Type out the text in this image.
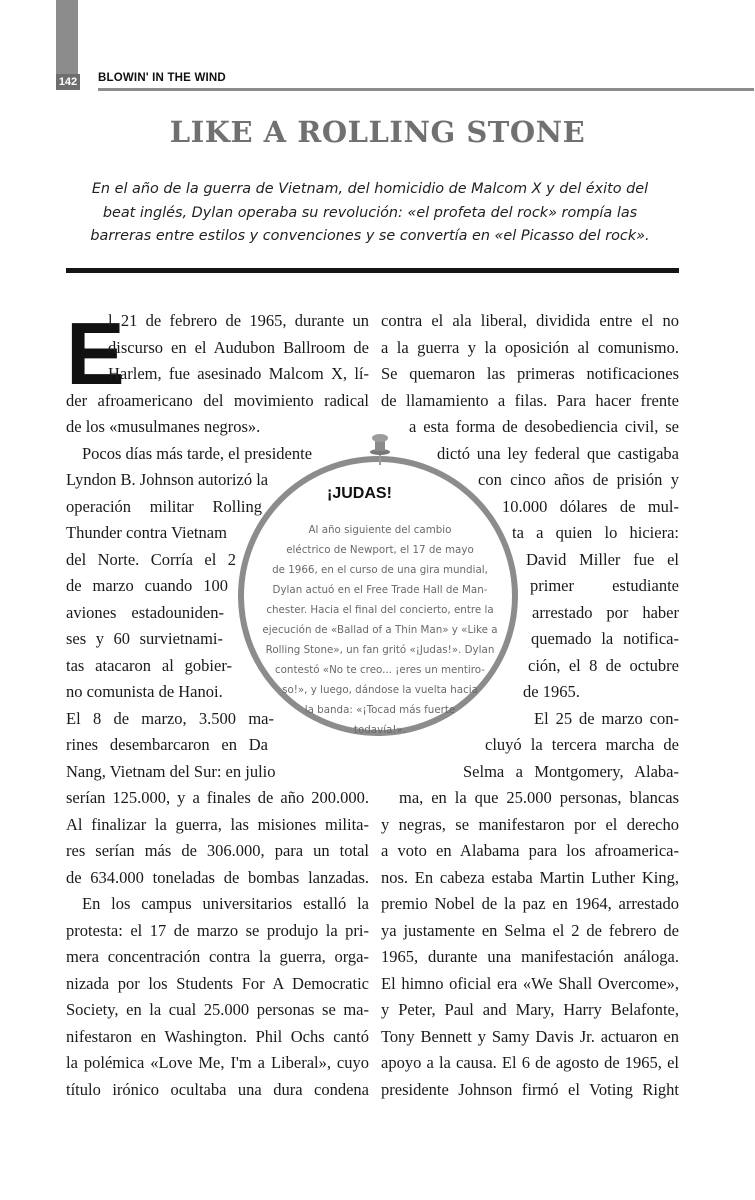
142 BLOWIN' IN THE WIND
LIKE A ROLLING STONE
En el año de la guerra de Vietnam, del homicidio de Malcom X y del éxito del
beat inglés, Dylan operaba su revolución: «el profeta del rock» rompía las
barreras entre estilos y convenciones y se convertía en «el Picasso del rock».
E
l 21 de febrero de 1965, durante un
discurso en el Audubon Ballroom de
Harlem, fue asesinado Malcom X, lí-
der afroamericano del movimiento radical
de los «musulmanes negros».
Pocos días más tarde, el presidente
Lyndon B. Johnson autorizó la
operación militar Rolling
Thunder contra Vietnam
del Norte. Corría el 2
de marzo cuando 100
aviones estadouniden-
ses y 60 survietnami-
tas atacaron al gobier-
no comunista de Hanoi.
El 8 de marzo, 3.500 ma-
rines desembarcaron en Da
Nang, Vietnam del Sur: en julio
serían 125.000, y a finales de año 200.000.
Al finalizar la guerra, las misiones milita-
res serían más de 306.000, para un total
de 634.000 toneladas de bombas lanzadas.
En los campus universitarios estalló la
protesta: el 17 de marzo se produjo la pri-
mera concentración contra la guerra, orga-
nizada por los Students For A Democratic
Society, en la cual 25.000 personas se ma-
nifestaron en Washington. Phil Ochs cantó
la polémica «Love Me, I'm a Liberal», cuyo
título irónico ocultaba una dura condena
contra el ala liberal, dividida entre el no
a la guerra y la oposición al comunismo.
Se quemaron las primeras notificaciones
de llamamiento a filas. Para hacer frente
a esta forma de desobediencia civil, se
dictó una ley federal que castigaba
con cinco años de prisión y
10.000 dólares de mul-
ta a quien lo hiciera:
David Miller fue el
primer estudiante
arrestado por haber
quemado la notifica-
ción, el 8 de octubre
de 1965.
El 25 de marzo con-
cluyó la tercera marcha de
Selma a Montgomery, Alaba-
ma, en la que 25.000 personas, blancas
y negras, se manifestaron por el derecho
a voto en Alabama para los afroamerica-
nos. En cabeza estaba Martin Luther King,
premio Nobel de la paz en 1964, arrestado
ya justamente en Selma el 2 de febrero de
1965, durante una manifestación análoga.
El himno oficial era «We Shall Overcome»,
y Peter, Paul and Mary, Harry Belafonte,
Tony Bennett y Samy Davis Jr. actuaron en
apoyo a la causa. El 6 de agosto de 1965, el
presidente Johnson firmó el Voting Right
¡JUDAS!
Al año siguiente del cambio
eléctrico de Newport, el 17 de mayo
de 1966, en el curso de una gira mundial,
Dylan actuó en el Free Trade Hall de Man-
chester. Hacia el final del concierto, entre la
ejecución de «Ballad of a Thin Man» y «Like a
Rolling Stone», un fan gritó «¡Judas!». Dylan
contestó «No te creo... ¡eres un mentiro-
so!», y luego, dándose la vuelta hacia
la banda: «¡Tocad más fuerte
todavía!».
